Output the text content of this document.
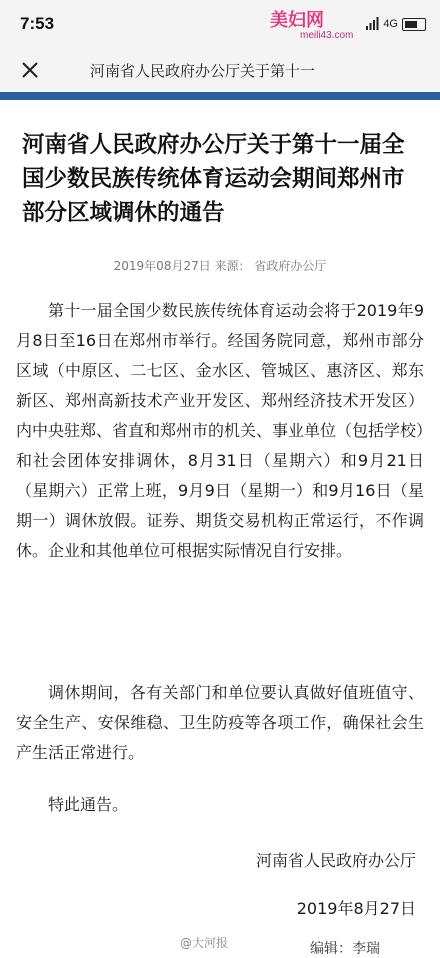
7:53	美妇网
meili43.com
4G
河南省人民政府办公厅关于第十一
河南省人民政府办公厅关于第十一届全国少数民族传统体育运动会期间郑州市部分区域调休的通告
2019年08月27日 来源： 省政府办公厅

第十一届全国少数民族传统体育运动会将于2019年9月8日至16日在郑州市举行。经国务院同意，郑州市部分区域（中原区、二七区、金水区、管城区、惠济区、郑东新区、郑州高新技术产业开发区、郑州经济技术开发区）内中央驻郑、省直和郑州市的机关、事业单位（包括学校）和社会团体安排调休，8月31日（星期六）和9月21日（星期六）正常上班，9月9日（星期一）和9月16日（星期一）调休放假。证券、期货交易机构正常运行，不作调休。企业和其他单位可根据实际情况自行安排。

调休期间，各有关部门和单位要认真做好值班值守、安全生产、安保维稳、卫生防疫等各项工作，确保社会生产生活正常进行。

特此通告。

河南省人民政府办公厅
2019年8月27日
@大河报	编辑：李瑞
